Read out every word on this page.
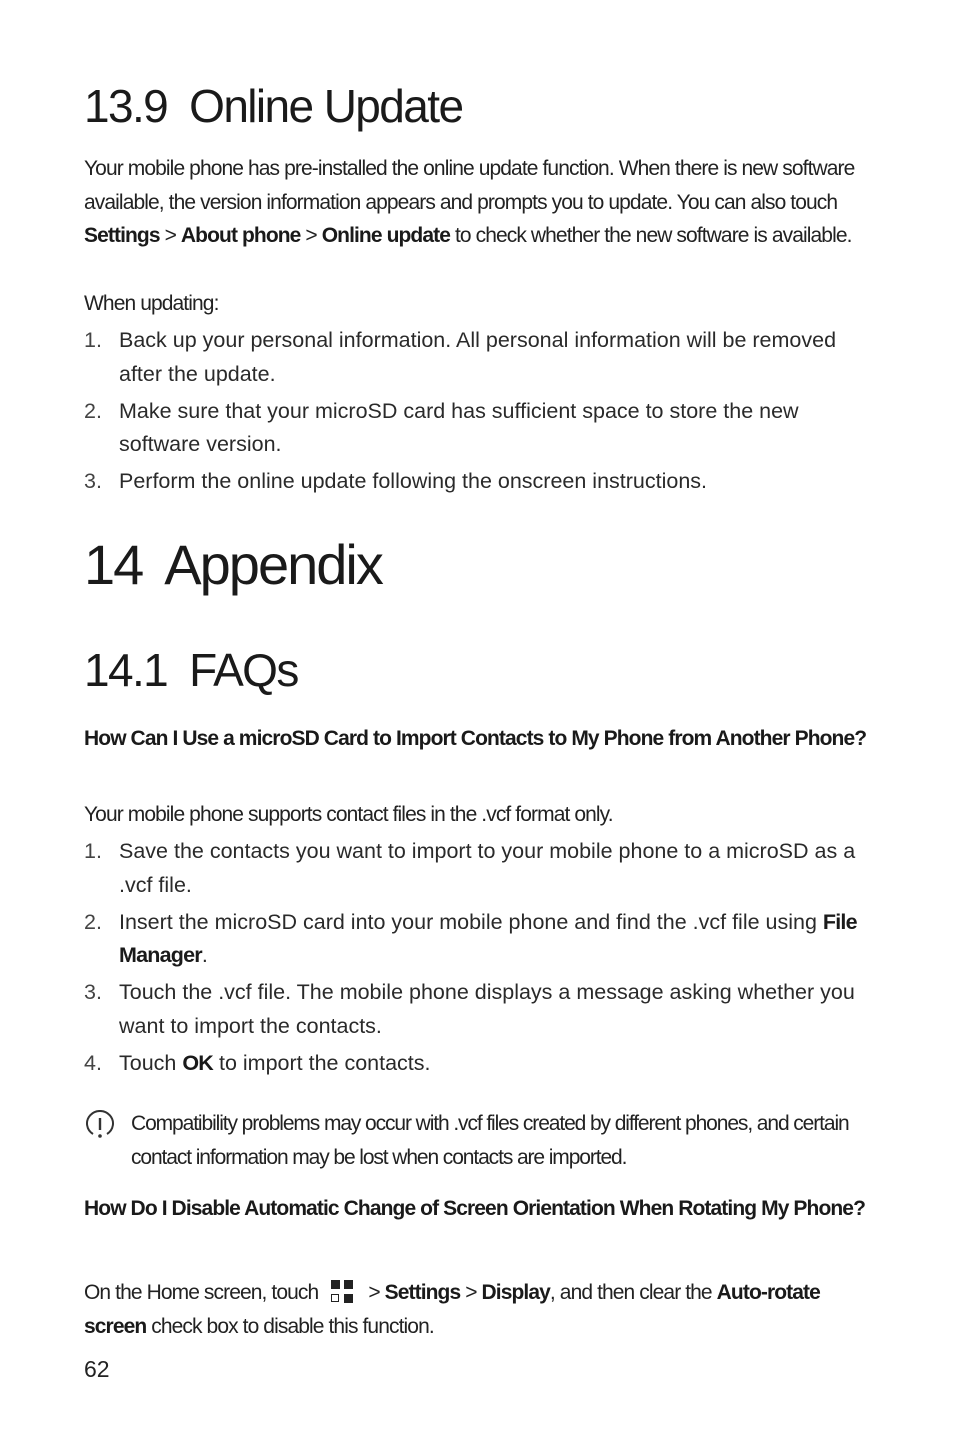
13.9 Online Update

Your mobile phone has pre-installed the online update function. When there is new software available, the version information appears and prompts you to update. You can also touch Settings > About phone > Online update to check whether the new software is available.

When updating:

1. Back up your personal information. All personal information will be removed after the update.
2. Make sure that your microSD card has sufficient space to store the new software version.
3. Perform the online update following the onscreen instructions.
14 Appendix
14.1 FAQs
How Can I Use a microSD Card to Import Contacts to My Phone from Another Phone?

Your mobile phone supports contact files in the .vcf format only.

1. Save the contacts you want to import to your mobile phone to a microSD as a .vcf file.
2. Insert the microSD card into your mobile phone and find the .vcf file using File Manager.
3. Touch the .vcf file. The mobile phone displays a message asking whether you want to import the contacts.
4. Touch OK to import the contacts.
Compatibility problems may occur with .vcf files created by different phones, and certain contact information may be lost when contacts are imported.
How Do I Disable Automatic Change of Screen Orientation When Rotating My Phone?

On the Home screen, touch > Settings > Display, and then clear the Auto-rotate screen check box to disable this function.

62
